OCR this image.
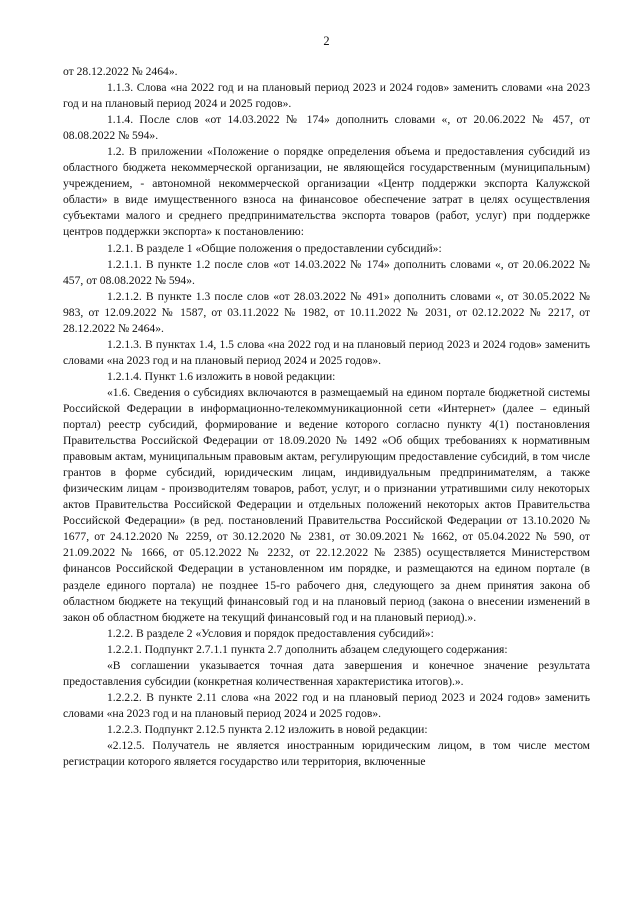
2

от 28.12.2022 № 2464».

1.1.3. Слова «на 2022 год и на плановый период 2023 и 2024 годов» заменить словами «на 2023 год и на плановый период 2024 и 2025 годов».

1.1.4. После слов «от 14.03.2022 № 174» дополнить словами «, от 20.06.2022 № 457, от 08.08.2022 № 594».

1.2. В приложении «Положение о порядке определения объема и предоставления субсидий из областного бюджета некоммерческой организации, не являющейся государственным (муниципальным) учреждением, - автономной некоммерческой организации «Центр поддержки экспорта Калужской области» в виде имущественного взноса на финансовое обеспечение затрат в целях осуществления субъектами малого и среднего предпринимательства экспорта товаров (работ, услуг) при поддержке центров поддержки экспорта» к постановлению:

1.2.1. В разделе 1 «Общие положения о предоставлении субсидий»:

1.2.1.1. В пункте 1.2 после слов «от 14.03.2022 № 174» дополнить словами «, от 20.06.2022 № 457, от 08.08.2022 № 594».

1.2.1.2. В пункте 1.3 после слов «от 28.03.2022 № 491» дополнить словами «, от 30.05.2022 № 983, от 12.09.2022 № 1587, от 03.11.2022 № 1982, от 10.11.2022 № 2031, от 02.12.2022 № 2217, от 28.12.2022 № 2464».

1.2.1.3. В пунктах 1.4, 1.5 слова «на 2022 год и на плановый период 2023 и 2024 годов» заменить словами «на 2023 год и на плановый период 2024 и 2025 годов».

1.2.1.4. Пункт 1.6 изложить в новой редакции:

«1.6. Сведения о субсидиях включаются в размещаемый на едином портале бюджетной системы Российской Федерации в информационно-телекоммуникационной сети «Интернет» (далее – единый портал) реестр субсидий, формирование и ведение которого согласно пункту 4(1) постановления Правительства Российской Федерации от 18.09.2020 № 1492 «Об общих требованиях к нормативным правовым актам, муниципальным правовым актам, регулирующим предоставление субсидий, в том числе грантов в форме субсидий, юридическим лицам, индивидуальным предпринимателям, а также физическим лицам - производителям товаров, работ, услуг, и о признании утратившими силу некоторых актов Правительства Российской Федерации и отдельных положений некоторых актов Правительства Российской Федерации» (в ред. постановлений Правительства Российской Федерации от 13.10.2020 № 1677, от 24.12.2020 № 2259, от 30.12.2020 № 2381, от 30.09.2021 № 1662, от 05.04.2022 № 590, от 21.09.2022 № 1666, от 05.12.2022 № 2232, от 22.12.2022 № 2385) осуществляется Министерством финансов Российской Федерации в установленном им порядке, и размещаются на едином портале (в разделе единого портала) не позднее 15-го рабочего дня, следующего за днем принятия закона об областном бюджете на текущий финансовый год и на плановый период (закона о внесении изменений в закон об областном бюджете на текущий финансовый год и на плановый период).».

1.2.2. В разделе 2 «Условия и порядок предоставления субсидий»:

1.2.2.1. Подпункт 2.7.1.1 пункта 2.7 дополнить абзацем следующего содержания:

«В соглашении указывается точная дата завершения и конечное значение результата предоставления субсидии (конкретная количественная характеристика итогов).».

1.2.2.2. В пункте 2.11 слова «на 2022 год и на плановый период 2023 и 2024 годов» заменить словами «на 2023 год и на плановый период 2024 и 2025 годов».

1.2.2.3. Подпункт 2.12.5 пункта 2.12 изложить в новой редакции:

«2.12.5. Получатель не является иностранным юридическим лицом, в том числе местом регистрации которого является государство или территория, включенные
